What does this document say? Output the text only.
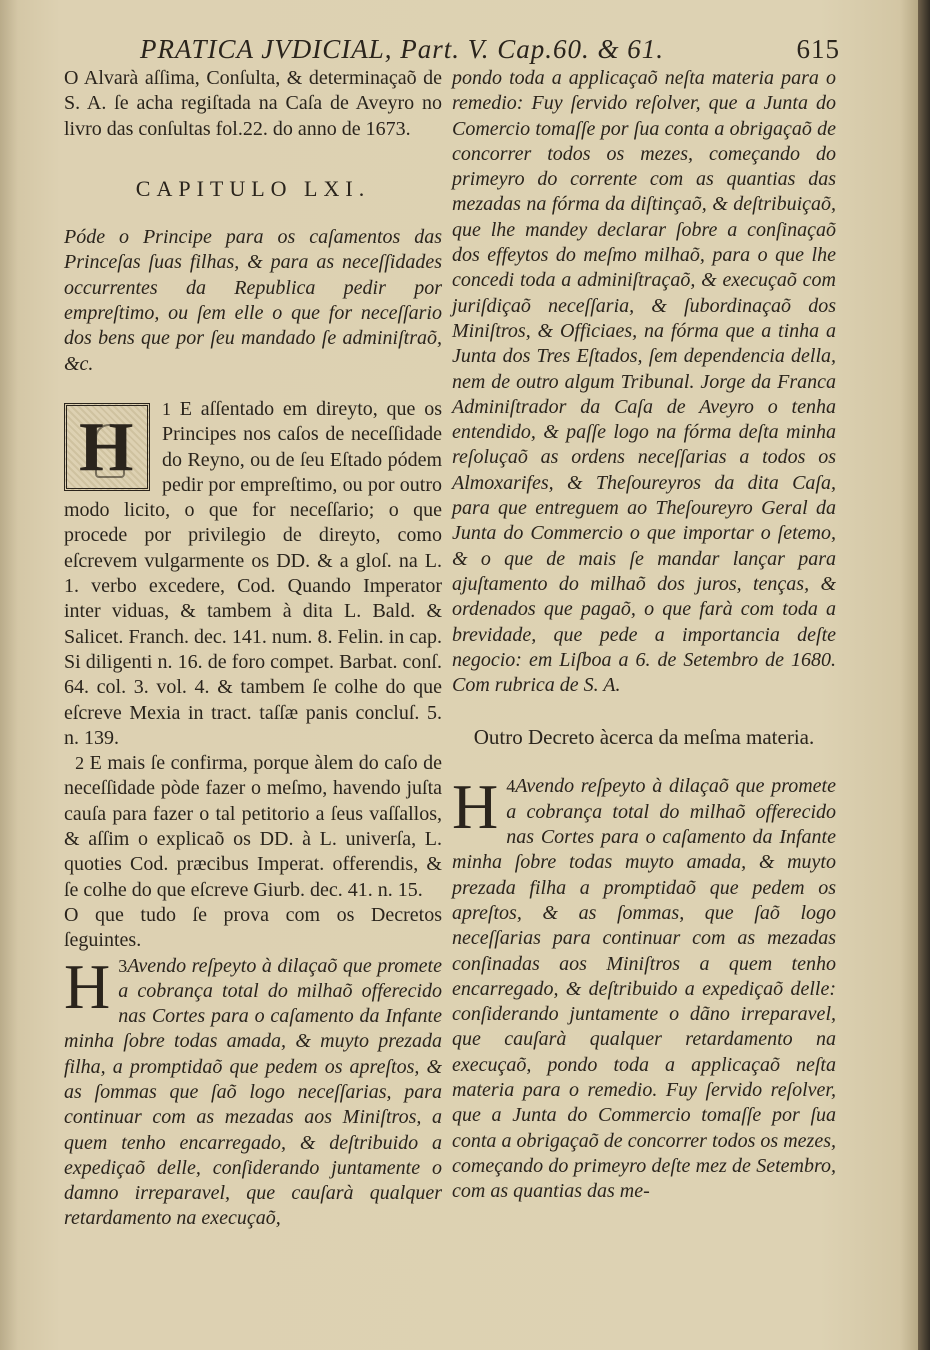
PRATICA JVDICIAL, Part. V. Cap.60. & 61.	615

O Alvarà aſſima, Conſulta, & determinaçaõ de S. A. ſe acha regiſtada na Caſa de Aveyro no livro das conſultas fol.22. do anno de 1673.

CAPITULO LXI.

Póde o Principe para os caſamentos das Princeſas ſuas filhas, & para as neceſſidades occurrentes da Republica pedir por empreſtimo, ou ſem elle o que for neceſſario dos bens que por ſeu mandado ſe adminiſtraõ, &c.

1
H E aſſentado em direyto, que os Principes nos caſos de neceſſidade do Reyno, ou de ſeu Eſtado pódem pedir por empreſtimo, ou por outro modo licito, o que for neceſſario; o que procede por privilegio de direyto, como eſcrevem vulgarmente os DD. & a gloſ. na L. 1. verbo excedere, Cod. Quando Imperator inter viduas, & tambem à dita L. Bald. & Salicet. Franch. dec. 141. num. 8. Felin. in cap. Si diligenti n. 16. de foro compet. Barbat. conſ. 64. col. 3. vol. 4. & tambem ſe colhe do que eſcreve Mexia in tract. taſſæ panis concluſ. 5. n. 139.

2 E mais ſe confirma, porque àlem do caſo de neceſſidade pòde fazer o meſmo, havendo juſta cauſa para fazer o tal petitorio a ſeus vaſſallos, & aſſim o explicaõ os DD. à L. univerſa, L. quoties Cod. præcibus Imperat. offerendis, & ſe colhe do que eſcreve Giurb. dec. 41. n. 15.

O que tudo ſe prova com os Decretos ſeguintes.

3
H Avendo reſpeyto à dilaçaõ que promete a cobrança total do milhaõ offerecido nas Cortes para o caſamento da Infante minha ſobre todas amada, & muyto prezada filha, a promptidaõ que pedem os apreſtos, & as ſommas que ſaõ logo neceſſarias, para continuar com as mezadas aos Miniſtros, a quem tenho encarregado, & deſtribuido a expediçaõ delle, conſiderando juntamente o damno irreparavel, que cauſarà qualquer retardamento na execuçaõ,

pondo toda a applicaçaõ neſta materia para o remedio: Fuy ſervido reſolver, que a Junta do Comercio tomaſſe por ſua conta a obrigaçaõ de concorrer todos os mezes, começando do primeyro do corrente com as quantias das mezadas na fórma da diſtinçaõ, & deſtribuiçaõ, que lhe mandey declarar ſobre a conſinaçaõ dos effeytos do meſmo milhaõ, para o que lhe concedi toda a adminiſtraçaõ, & execuçaõ com juriſdiçaõ neceſſaria, & ſubordinaçaõ dos Miniſtros, & Officiaes, na fórma que a tinha a Junta dos Tres Eſtados, ſem dependencia della, nem de outro algum Tribunal. Jorge da Franca Adminiſtrador da Caſa de Aveyro o tenha entendido, & paſſe logo na fórma deſta minha reſoluçaõ as ordens neceſſarias a todos os Almoxarifes, & Theſoureyros da dita Caſa, para que entreguem ao Theſoureyro Geral da Junta do Commercio o que importar o ſetemo, & o que de mais ſe mandar lançar para ajuſtamento do milhaõ dos juros, tenças, & ordenados que pagaõ, o que farà com toda a brevidade, que pede a importancia deſte negocio: em Liſboa a 6. de Setembro de 1680. Com rubrica de S. A.

Outro Decreto àcerca da meſma materia.

4
H Avendo reſpeyto à dilaçaõ que promete a cobrança total do milhaõ offerecido nas Cortes para o caſamento da Infante minha ſobre todas muyto amada, & muyto prezada filha a promptidaõ que pedem os apreſtos, & as ſommas, que ſaõ logo neceſſarias para continuar com as mezadas conſinadas aos Miniſtros a quem tenho encarregado, & deſtribuido a expediçaõ delle: conſiderando juntamente o dãno irreparavel, que cauſarà qualquer retardamento na execuçaõ, pondo toda a applicaçaõ neſta materia para o remedio. Fuy ſervido reſolver, que a Junta do Commercio tomaſſe por ſua conta a obrigaçaõ de concorrer todos os mezes, começando do primeyro deſte mez de Setembro, com as quantias das me-
